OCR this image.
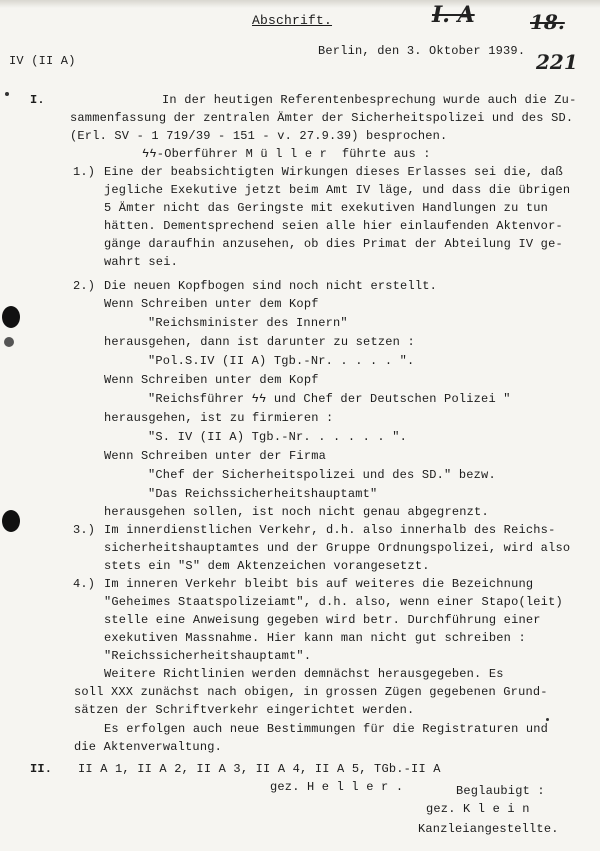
Abschrift.	I. A	18.
IV (II A)
Berlin, den 3. Oktober 1939. 221
I.	In der heutigen Referentenbesprechung wurde auch die Zu-
sammenfassung der zentralen Ämter der Sicherheitspolizei und des SD.
(Erl. SV - 1 719/39 - 151 - v. 27.9.39) besprochen.
ϟϟ-Oberführer M ü l l e r  führte aus :
1.) Eine der beabsichtigten Wirkungen dieses Erlasses sei die, daß
jegliche Exekutive jetzt beim Amt IV läge, und dass die übrigen
5 Ämter nicht das Geringste mit exekutiven Handlungen zu tun
hätten. Dementsprechend seien alle hier einlaufenden Aktenvor-
gänge daraufhin anzusehen, ob dies Primat der Abteilung IV ge-
wahrt sei.
2.) Die neuen Kopfbogen sind noch nicht erstellt.
Wenn Schreiben unter dem Kopf
"Reichsminister des Innern"
herausgehen, dann ist darunter zu setzen :
"Pol.S.IV (II A) Tgb.-Nr. . . . . ".
Wenn Schreiben unter dem Kopf
"Reichsführer ϟϟ und Chef der Deutschen Polizei "
herausgehen, ist zu firmieren :
"S. IV (II A) Tgb.-Nr. . . . . . ".
Wenn Schreiben unter der Firma
"Chef der Sicherheitspolizei und des SD." bezw.
"Das Reichssicherheitshauptamt"
herausgehen sollen, ist noch nicht genau abgegrenzt.
3.) Im innerdienstlichen Verkehr, d.h. also innerhalb des Reichs-
sicherheitshauptamtes und der Gruppe Ordnungspolizei, wird also
stets ein "S" dem Aktenzeichen vorangesetzt.
4.) Im inneren Verkehr bleibt bis auf weiteres die Bezeichnung
"Geheimes Staatspolizeiamt", d.h. also, wenn einer Stapo(leit)
stelle eine Anweisung gegeben wird betr. Durchführung einer
exekutiven Massnahme. Hier kann man nicht gut schreiben :
"Reichssicherheitshauptamt".
Weitere Richtlinien werden demnächst herausgegeben. Es
soll XXX zunächst nach obigen, in grossen Zügen gegebenen Grund-
sätzen der Schriftverkehr eingerichtet werden.
Es erfolgen auch neue Bestimmungen für die Registraturen und
die Aktenverwaltung.
II. II A 1, II A 2, II A 3, II A 4, II A 5, TGb.-II A
gez. H e l l e r .	Beglaubigt :
gez. K l e i n
Kanzleiangestellte.
